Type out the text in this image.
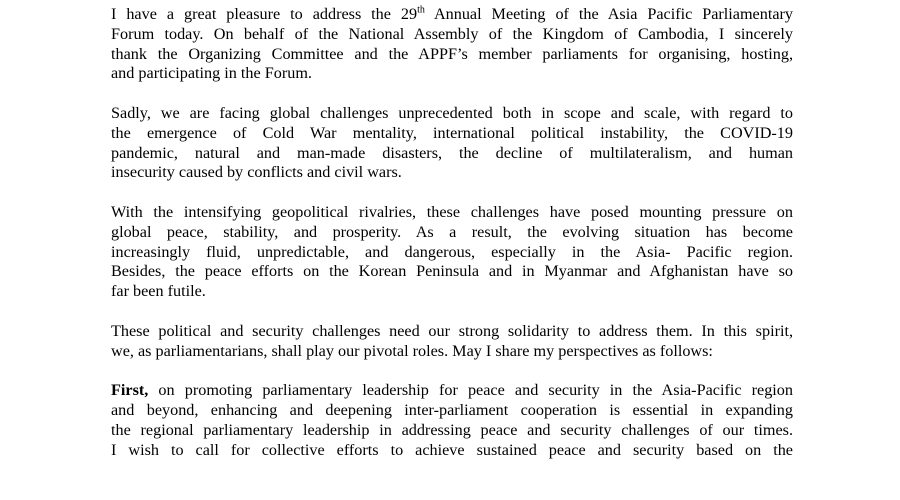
I have a great pleasure to address the 29th Annual Meeting of the Asia Pacific Parliamentary
Forum today. On behalf of the National Assembly of the Kingdom of Cambodia, I sincerely
thank the Organizing Committee and the APPF’s member parliaments for organising, hosting,
and participating in the Forum.
Sadly, we are facing global challenges unprecedented both in scope and scale, with regard to
the emergence of Cold War mentality, international political instability, the COVID-19
pandemic, natural and man-made disasters, the decline of multilateralism, and human
insecurity caused by conflicts and civil wars.
With the intensifying geopolitical rivalries, these challenges have posed mounting pressure on
global peace, stability, and prosperity. As a result, the evolving situation has become
increasingly fluid, unpredictable, and dangerous, especially in the Asia- Pacific region.
Besides, the peace efforts on the Korean Peninsula and in Myanmar and Afghanistan have so
far been futile.
These political and security challenges need our strong solidarity to address them. In this spirit,
we, as parliamentarians, shall play our pivotal roles. May I share my perspectives as follows:
First, on promoting parliamentary leadership for peace and security in the Asia-Pacific region
and beyond, enhancing and deepening inter-parliament cooperation is essential in expanding
the regional parliamentary leadership in addressing peace and security challenges of our times.
I wish to call for collective efforts to achieve sustained peace and security based on the
